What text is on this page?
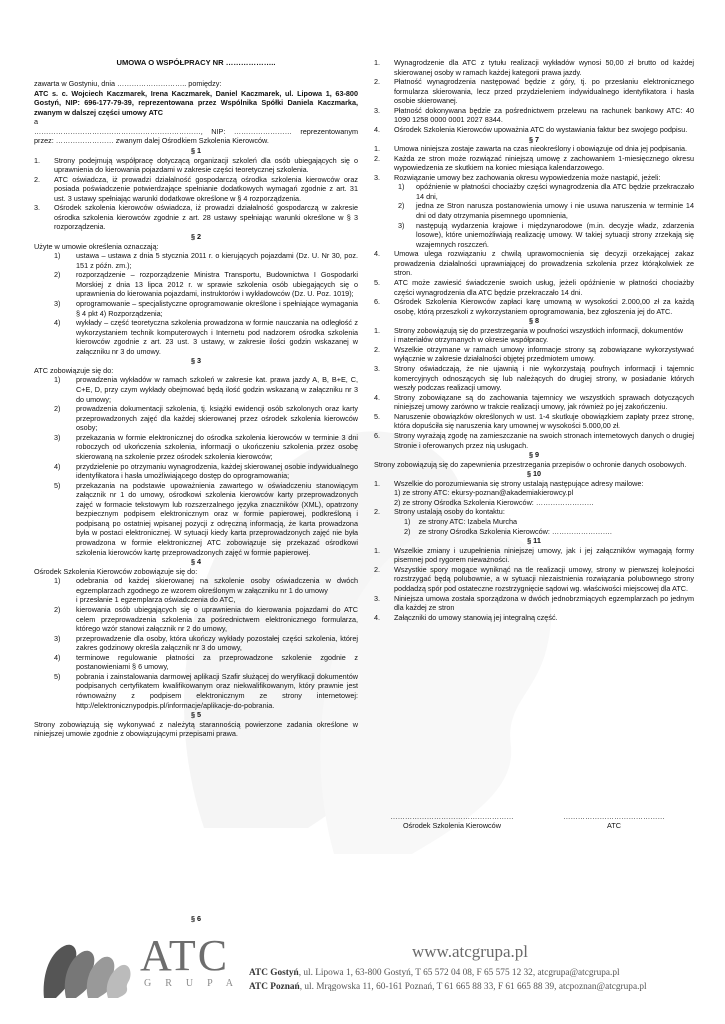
UMOWA O WSPÓŁPRACY NR ………………..

zawarta w Gostyniu, dnia ……………………….. pomiędzy:

ATC s. c. Wojciech Kaczmarek, Irena Kaczmarek, Daniel Kaczmarek, ul. Lipowa 1, 63-800 Gostyń, NIP: 696-177-79-39, reprezentowana przez Wspólnika Spółki Daniela Kaczmarka, zwanym w dalszej części umowy ATC

a

……………………………………………………………, NIP: …………………… reprezentowanym przez: …………………… zwanym dalej Ośrodkiem Szkolenia Kierowców.

§ 1

1. Strony podejmują współpracę dotyczącą organizacji szkoleń dla osób ubiegających się o uprawnienia do kierowania pojazdami w zakresie części teoretycznej szkolenia.
2. ATC oświadcza, iż prowadzi działalność gospodarczą ośrodka szkolenia kierowców oraz posiada poświadczenie potwierdzające spełnianie dodatkowych wymagań zgodnie z art. 31 ust. 3 ustawy spełniając warunki dodatkowe określone w § 4 rozporządzenia.
3. Ośrodek szkolenia kierowców oświadcza, iż prowadzi działalność gospodarczą w zakresie ośrodka szkolenia kierowców zgodnie z art. 28 ustawy spełniając warunki określone w § 3 rozporządzenia.

§ 2

Użyte w umowie określenia oznaczają:

1) ustawa – ustawa z dnia 5 stycznia 2011 r. o kierujących pojazdami (Dz. U. Nr 30, poz. 151 z późn. zm.);
2) rozporządzenie – rozporządzenie Ministra Transportu, Budownictwa I Gospodarki Morskiej z dnia 13 lipca 2012 r. w sprawie szkolenia osób ubiegających się o uprawnienia do kierowania pojazdami, instruktorów i wykładowców (Dz. U. Poz. 1019);
3) oprogramowanie – specjalistyczne oprogramowanie określone i spełniające wymagania § 4 pkt 4) Rozporządzenia;
4) wykłady – część teoretyczna szkolenia prowadzona w formie nauczania na odległość z wykorzystaniem technik komputerowych i Internetu pod nadzorem ośrodka szkolenia kierowców zgodnie z art. 23 ust. 3 ustawy, w zakresie ilości godzin wskazanej w załączniku nr 3 do umowy.

§ 3

ATC zobowiązuje się do:

1) prowadzenia wykładów w ramach szkoleń w zakresie kat. prawa jazdy A, B, B+E, C, C+E, D, przy czym wykłady obejmować będą ilość godzin wskazaną w załączniku nr 3 do umowy;
2) prowadzenia dokumentacji szkolenia, tj. książki ewidencji osób szkolonych oraz karty przeprowadzonych zajęć dla każdej skierowanej przez ośrodek szkolenia kierowców osoby;
3) przekazania w formie elektronicznej do ośrodka szkolenia kierowców w terminie 3 dni roboczych od ukończenia szkolenia, informacji o ukończeniu szkolenia przez osobę skierowaną na szkolenie przez ośrodek szkolenia kierowców;
4) przydzielenie po otrzymaniu wynagrodzenia, każdej skierowanej osobie indywidualnego identyfikatora i hasła umożliwiającego dostęp do oprogramowania;
5) przekazania na podstawie upoważnienia zawartego w oświadczeniu stanowiącym załącznik nr 1 do umowy, ośrodkowi szkolenia kierowców karty przeprowadzonych zajęć w formacie tekstowym lub rozszerzalnego języka znaczników (XML), opatrzony bezpiecznym podpisem elektronicznym oraz w formie papierowej, podkreśloną i podpisaną po ostatniej wpisanej pozycji z odręczną informacją, że karta prowadzona była w postaci elektronicznej. W sytuacji kiedy karta przeprowadzonych zajęć nie była prowadzona w formie elektronicznej ATC zobowiązuje się przekazać ośrodkowi szkolenia kierowców kartę przeprowadzonych zajęć w formie papierowej.

§ 4

Ośrodek Szkolenia Kierowców zobowiązuje się do:

1) odebrania od każdej skierowanej na szkolenie osoby oświadczenia w dwóch egzemplarzach zgodnego ze wzorem określonym w załączniku nr 1 do umowy
i przesłanie 1 egzemplarza oświadczenia do ATC,
2) kierowania osób ubiegających się o uprawnienia do kierowania pojazdami do ATC celem przeprowadzenia szkolenia za pośrednictwem elektronicznego formularza, którego wzór stanowi załącznik nr 2 do umowy,
3) przeprowadzenie dla osoby, która ukończy wykłady pozostałej części szkolenia, której zakres godzinowy określa załącznik nr 3 do umowy,
4) terminowe regulowanie płatności za przeprowadzone szkolenie zgodnie z postanowieniami § 6 umowy,
5) pobrania i zainstalowania darmowej aplikacji Szafir służącej do weryfikacji dokumentów podpisanych certyfikatem kwalifikowanym oraz niekwalifikowanym, który prawnie jest równoważny z podpisem elektronicznym ze strony internetowej: http://elektronicznypodpis.pl/informacje/aplikacje-do-pobrania.

§ 5

Strony zobowiązują się wykonywać z należytą starannością powierzone zadania określone w niniejszej umowie zgodnie z obowiązującymi przepisami prawa.

§ 6

1. Wynagrodzenie dla ATC z tytułu realizacji wykładów wynosi 50,00 zł brutto od każdej skierowanej osoby w ramach każdej kategorii prawa jazdy.
2. Płatność wynagrodzenia następować będzie z góry, tj. po przesłaniu elektronicznego formularza skierowania, lecz przed przydzieleniem indywidualnego identyfikatora i hasła osobie skierowanej.
3. Płatność dokonywana będzie za pośrednictwem przelewu na rachunek bankowy ATC: 40 1090 1258 0000 0001 2027 8344.
4. Ośrodek Szkolenia Kierowców upoważnia ATC do wystawiania faktur bez swojego podpisu.

§ 7

1. Umowa niniejsza zostaje zawarta na czas nieokreślony i obowiązuje od dnia jej podpisania.
2. Każda ze stron może rozwiązać niniejszą umowę z zachowaniem 1-miesięcznego okresu wypowiedzenia ze skutkiem na koniec miesiąca kalendarzowego.
3. Rozwiązanie umowy bez zachowania okresu wypowiedzenia może nastąpić, jeżeli:
1) opóźnienie w płatności chociażby części wynagrodzenia dla ATC będzie przekraczało 14 dni,
2) jedna ze Stron narusza postanowienia umowy i nie usuwa naruszenia w terminie 14 dni od daty otrzymania pisemnego upomnienia,
3) następują wydarzenia krajowe i międzynarodowe (m.in. decyzje władz, zdarzenia losowe), które uniemożliwiają realizację umowy. W takiej sytuacji strony zrzekają się wzajemnych roszczeń.
4. Umowa ulega rozwiązaniu z chwilą uprawomocnienia się decyzji orzekającej zakaz prowadzenia działalności uprawniającej do prowadzenia szkolenia przez którąkolwiek ze stron.
5. ATC może zawiesić świadczenie swoich usług, jeżeli opóźnienie w płatności chociażby części wynagrodzenia dla ATC będzie przekraczało 14 dni.
6. Ośrodek Szkolenia Kierowców zapłaci karę umowną w wysokości 2.000,00 zł za każdą osobę, którą przeszkoli z wykorzystaniem oprogramowania, bez zgłoszenia jej do ATC.

§ 8

1. Strony zobowiązują się do przestrzegania w poufności wszystkich informacji, dokumentów
i materiałów otrzymanych w okresie współpracy.
2. Wszelkie otrzymane w ramach umowy informacje strony są zobowiązane wykorzystywać wyłącznie w zakresie działalności objętej przedmiotem umowy.
3. Strony oświadczają, że nie ujawnią i nie wykorzystają poufnych informacji i tajemnic komercyjnych odnoszących się lub należących do drugiej strony, w posiadanie których weszły podczas realizacji umowy.
4. Strony zobowiązane są do zachowania tajemnicy we wszystkich sprawach dotyczących niniejszej umowy zarówno w trakcie realizacji umowy, jak również po jej zakończeniu.
5. Naruszenie obowiązków określonych w ust. 1-4 skutkuje obowiązkiem zapłaty przez stronę, która dopuściła się naruszenia kary umownej w wysokości 5.000,00 zł.
6. Strony wyrażają zgodę na zamieszczanie na swoich stronach internetowych danych o drugiej Stronie i oferowanych przez nią usługach.

§ 9

Strony zobowiązują się do zapewnienia przestrzegania przepisów o ochronie danych osobowych.

§ 10

1. Wszelkie do porozumiewania się strony ustalają następujące adresy mailowe:
1) ze strony ATC: ekursy-poznan@akademiakierowcy.pl
2) ze strony Ośrodka Szkolenia Kierowców: ……………………
2. Strony ustalają osoby do kontaktu:
1)    ze strony ATC: Izabela Murcha
2)    ze strony Ośrodka Szkolenia Kierowców: …………………….

§ 11

1. Wszelkie zmiany i uzupełnienia niniejszej umowy, jak i jej załączników wymagają formy pisemnej pod rygorem nieważności.
2. Wszystkie spory mogące wyniknąć na tle realizacji umowy, strony w pierwszej kolejności rozstrzygać będą polubownie, a w sytuacji niezaistnienia rozwiązania polubownego strony poddadzą spór pod ostateczne rozstrzygnięcie sądowi wg. właściwości miejscowej dla ATC.
3. Niniejsza umowa została sporządzona w dwóch jednobrzmiących egzemplarzach po jednym dla każdej ze stron
4. Załączniki do umowy stanowią jej integralną część.
……………………………………………
Ośrodek Szkolenia Kierowców
……………………………………
ATC
ATC
GRUPA
www.atcgrupa.pl
ATC Gostyń, ul. Lipowa 1, 63-800 Gostyń, T 65 572 04 08, F 65 575 12 32, atcgrupa@atcgrupa.pl
ATC Poznań, ul. Mrągowska 11, 60-161 Poznań, T 61 665 88 33, F 61 665 88 39, atcpoznan@atcgrupa.pl
